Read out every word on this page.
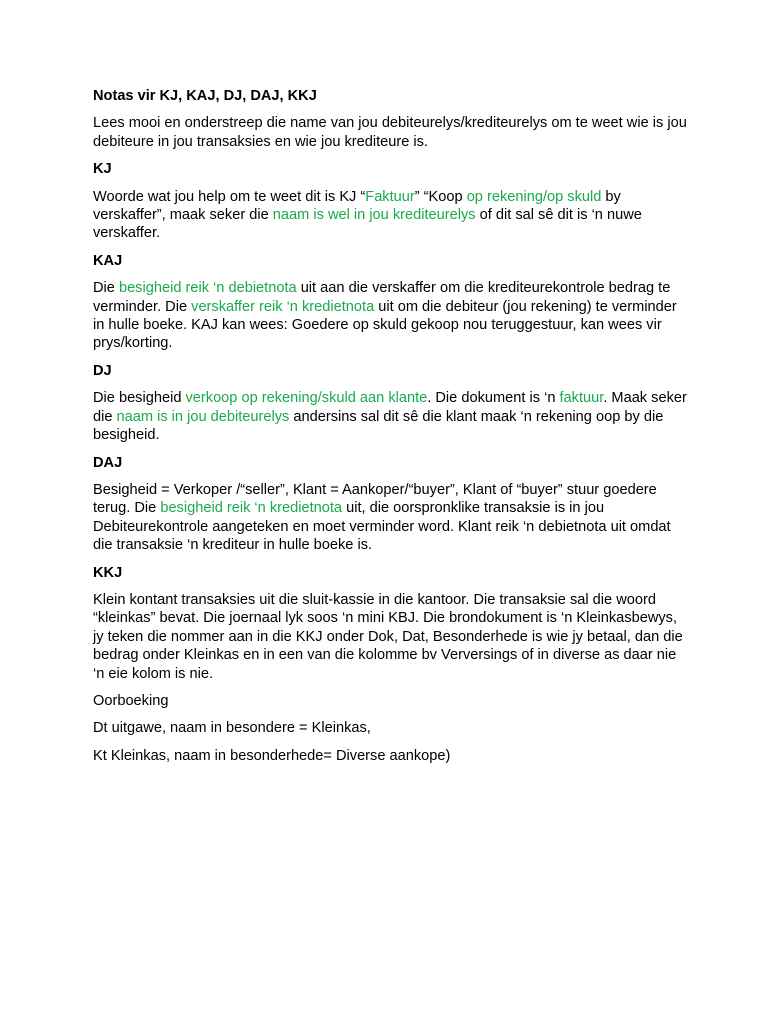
Notas vir KJ, KAJ, DJ, DAJ, KKJ

Lees mooi en onderstreep die name van jou debiteurelys/krediteurelys om te weet wie is jou debiteure in jou transaksies en wie jou krediteure is.

KJ

Woorde wat jou help om te weet dit is KJ “Faktuur” “Koop op rekening/op skuld by verskaffer”, maak seker die naam is wel in jou krediteurelys of dit sal sê dit is ‘n nuwe verskaffer.

KAJ

Die besigheid reik ‘n debietnota uit aan die verskaffer om die krediteurekontrole bedrag te verminder. Die verskaffer reik ‘n kredietnota uit om die debiteur (jou rekening) te verminder in hulle boeke. KAJ kan wees: Goedere op skuld gekoop nou teruggestuur, kan wees vir prys/korting.

DJ

Die besigheid verkoop op rekening/skuld aan klante. Die dokument is ‘n faktuur. Maak seker die naam is in jou debiteurelys andersins sal dit sê die klant maak ‘n rekening oop by die besigheid.

DAJ

Besigheid = Verkoper /“seller”, Klant = Aankoper/“buyer”, Klant of “buyer” stuur goedere terug. Die besigheid reik ‘n kredietnota uit, die oorspronklike transaksie is in jou Debiteurekontrole aangeteken en moet verminder word. Klant reik ‘n debietnota uit omdat die transaksie ‘n krediteur in hulle boeke is.

KKJ

Klein kontant transaksies uit die sluit-kassie in die kantoor. Die transaksie sal die woord “kleinkas” bevat. Die joernaal lyk soos ‘n mini KBJ. Die brondokument is ‘n Kleinkasbewys, jy teken die nommer aan in die KKJ onder Dok, Dat, Besonderhede is wie jy betaal, dan die bedrag onder Kleinkas en in een van die kolomme bv Verversings of in diverse as daar nie ‘n eie kolom is nie.

Oorboeking

Dt uitgawe, naam in besondere = Kleinkas,

Kt Kleinkas, naam in besonderhede= Diverse aankope)
